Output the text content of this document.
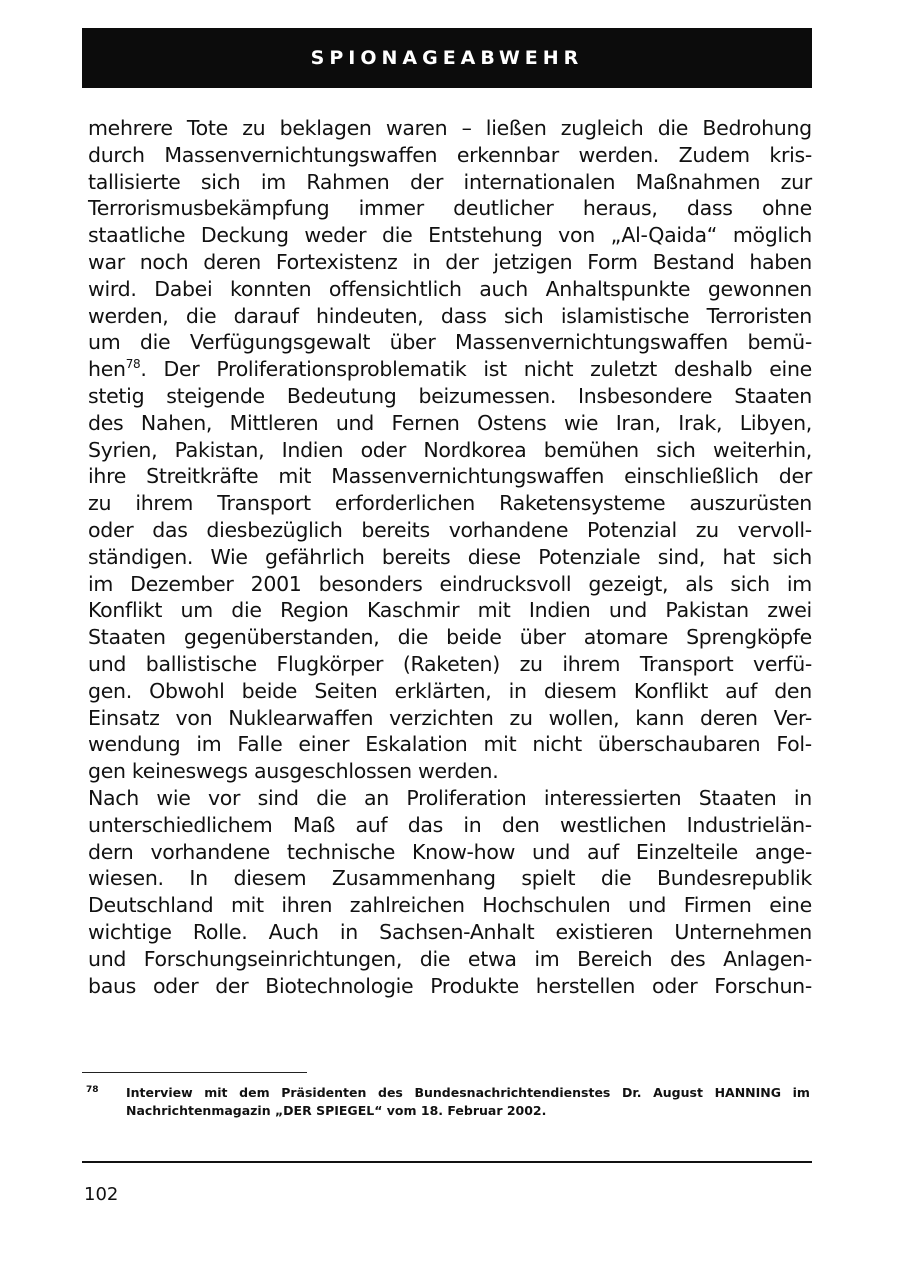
SPIONAGEABWEHR
mehrere Tote zu beklagen waren – ließen zugleich die Bedrohung
durch Massenvernichtungswaffen erkennbar werden. Zudem kris-
tallisierte sich im Rahmen der internationalen Maßnahmen zur
Terrorismusbekämpfung immer deutlicher heraus, dass ohne
staatliche Deckung weder die Entstehung von „Al-Qaida“ möglich
war noch deren Fortexistenz in der jetzigen Form Bestand haben
wird. Dabei konnten offensichtlich auch Anhaltspunkte gewonnen
werden, die darauf hindeuten, dass sich islamistische Terroristen
um die Verfügungsgewalt über Massenvernichtungswaffen bemü-
hen$^{78}$. Der Proliferationsproblematik ist nicht zuletzt deshalb eine
stetig steigende Bedeutung beizumessen. Insbesondere Staaten
des Nahen, Mittleren und Fernen Ostens wie Iran, Irak, Libyen,
Syrien, Pakistan, Indien oder Nordkorea bemühen sich weiterhin,
ihre Streitkräfte mit Massenvernichtungswaffen einschließlich der
zu ihrem Transport erforderlichen Raketensysteme auszurüsten
oder das diesbezüglich bereits vorhandene Potenzial zu vervoll-
ständigen. Wie gefährlich bereits diese Potenziale sind, hat sich
im Dezember 2001 besonders eindrucksvoll gezeigt, als sich im
Konflikt um die Region Kaschmir mit Indien und Pakistan zwei
Staaten gegenüberstanden, die beide über atomare Sprengköpfe
und ballistische Flugkörper (Raketen) zu ihrem Transport verfü-
gen. Obwohl beide Seiten erklärten, in diesem Konflikt auf den
Einsatz von Nuklearwaffen verzichten zu wollen, kann deren Ver-
wendung im Falle einer Eskalation mit nicht überschaubaren Fol-
gen keineswegs ausgeschlossen werden.
Nach wie vor sind die an Proliferation interessierten Staaten in
unterschiedlichem Maß auf das in den westlichen Industrielän-
dern vorhandene technische Know-how und auf Einzelteile ange-
wiesen. In diesem Zusammenhang spielt die Bundesrepublik
Deutschland mit ihren zahlreichen Hochschulen und Firmen eine
wichtige Rolle. Auch in Sachsen-Anhalt existieren Unternehmen
und Forschungseinrichtungen, die etwa im Bereich des Anlagen-
baus oder der Biotechnologie Produkte herstellen oder Forschun-
78 Interview mit dem Präsidenten des Bundesnachrichtendienstes Dr. August HANNING im
Nachrichtenmagazin „DER SPIEGEL“ vom 18. Februar 2002.
102
